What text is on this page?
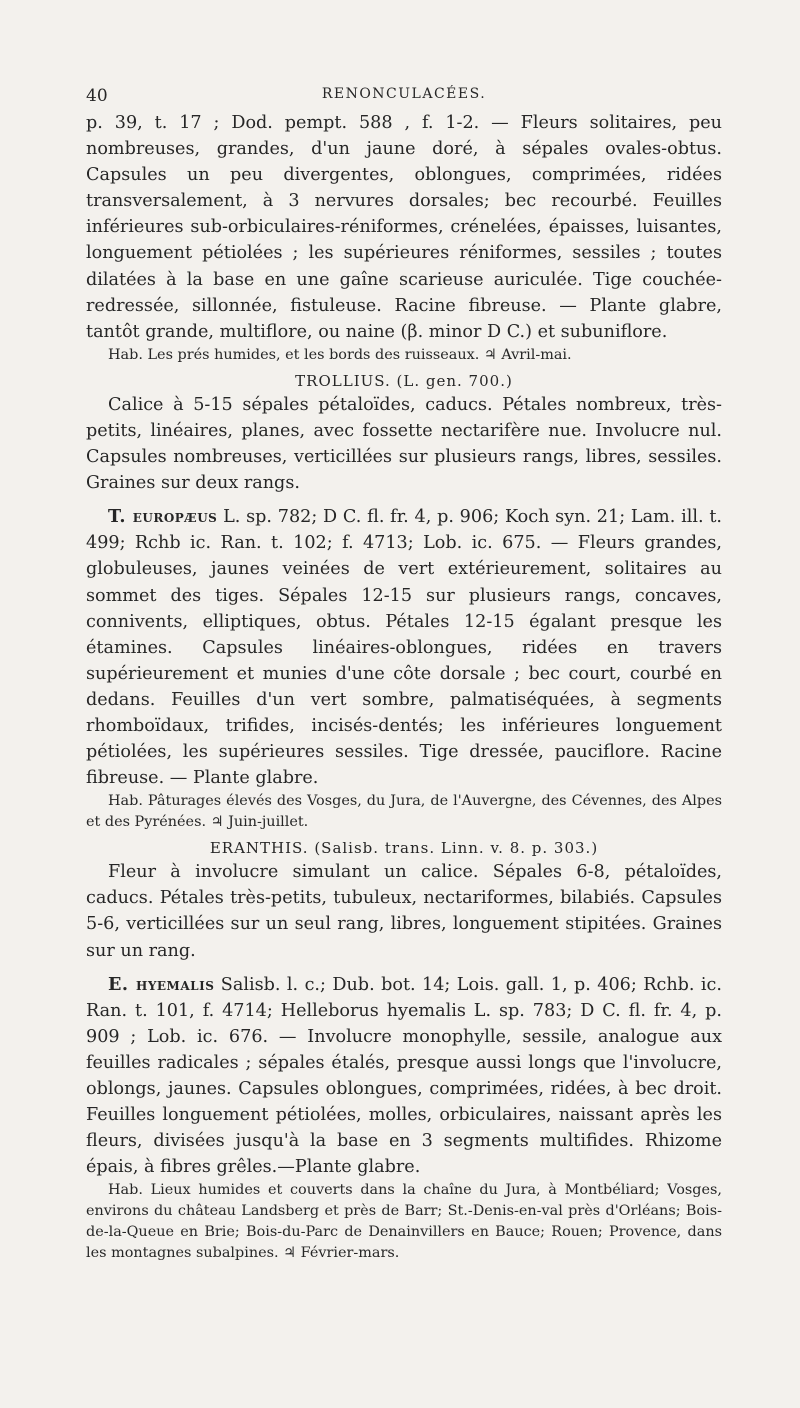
40	RENONCULACÉES.

p. 39, t. 17 ; Dod. pempt. 588 , f. 1-2. — Fleurs solitaires, peu nombreuses, grandes, d'un jaune doré, à sépales ovales-obtus. Capsules un peu divergentes, oblongues, comprimées, ridées transversalement, à 3 nervures dorsales; bec recourbé. Feuilles inférieures sub-orbiculaires-réniformes, crénelées, épaisses, luisantes, longuement pétiolées ; les supérieures réniformes, sessiles ; toutes dilatées à la base en une gaîne scarieuse auriculée. Tige couchée-redressée, sillonnée, fistuleuse. Racine fibreuse. — Plante glabre, tantôt grande, multiflore, ou naine (β. minor D C.) et subuniflore.

Hab. Les prés humides, et les bords des ruisseaux. ♃ Avril-mai.

TROLLIUS. (L. gen. 700.)

Calice à 5-15 sépales pétaloïdes, caducs. Pétales nombreux, très-petits, linéaires, planes, avec fossette nectarifère nue. Involucre nul. Capsules nombreuses, verticillées sur plusieurs rangs, libres, sessiles. Graines sur deux rangs.

T. europæus L. sp. 782; D C. fl. fr. 4, p. 906; Koch syn. 21; Lam. ill. t. 499; Rchb ic. Ran. t. 102; f. 4713; Lob. ic. 675. — Fleurs grandes, globuleuses, jaunes veinées de vert extérieurement, solitaires au sommet des tiges. Sépales 12-15 sur plusieurs rangs, concaves, connivents, elliptiques, obtus. Pétales 12-15 égalant presque les étamines. Capsules linéaires-oblongues, ridées en travers supérieurement et munies d'une côte dorsale ; bec court, courbé en dedans. Feuilles d'un vert sombre, palmatiséquées, à segments rhomboïdaux, trifides, incisés-dentés; les inférieures longuement pétiolées, les supérieures sessiles. Tige dressée, pauciflore. Racine fibreuse. — Plante glabre.

Hab. Pâturages élevés des Vosges, du Jura, de l'Auvergne, des Cévennes, des Alpes et des Pyrénées. ♃ Juin-juillet.

ERANTHIS. (Salisb. trans. Linn. v. 8. p. 303.)

Fleur à involucre simulant un calice. Sépales 6-8, pétaloïdes, caducs. Pétales très-petits, tubuleux, nectariformes, bilabiés. Capsules 5-6, verticillées sur un seul rang, libres, longuement stipitées. Graines sur un rang.

E. hyemalis Salisb. l. c.; Dub. bot. 14; Lois. gall. 1, p. 406; Rchb. ic. Ran. t. 101, f. 4714; Helleborus hyemalis L. sp. 783; D C. fl. fr. 4, p. 909 ; Lob. ic. 676. — Involucre monophylle, sessile, analogue aux feuilles radicales ; sépales étalés, presque aussi longs que l'involucre, oblongs, jaunes. Capsules oblongues, comprimées, ridées, à bec droit. Feuilles longuement pétiolées, molles, orbiculaires, naissant après les fleurs, divisées jusqu'à la base en 3 segments multifides. Rhizome épais, à fibres grêles.—Plante glabre.

Hab. Lieux humides et couverts dans la chaîne du Jura, à Montbéliard; Vosges, environs du château Landsberg et près de Barr; St.-Denis-en-val près d'Orléans; Bois-de-la-Queue en Brie; Bois-du-Parc de Denainvillers en Bauce; Rouen; Provence, dans les montagnes subalpines. ♃ Février-mars.
